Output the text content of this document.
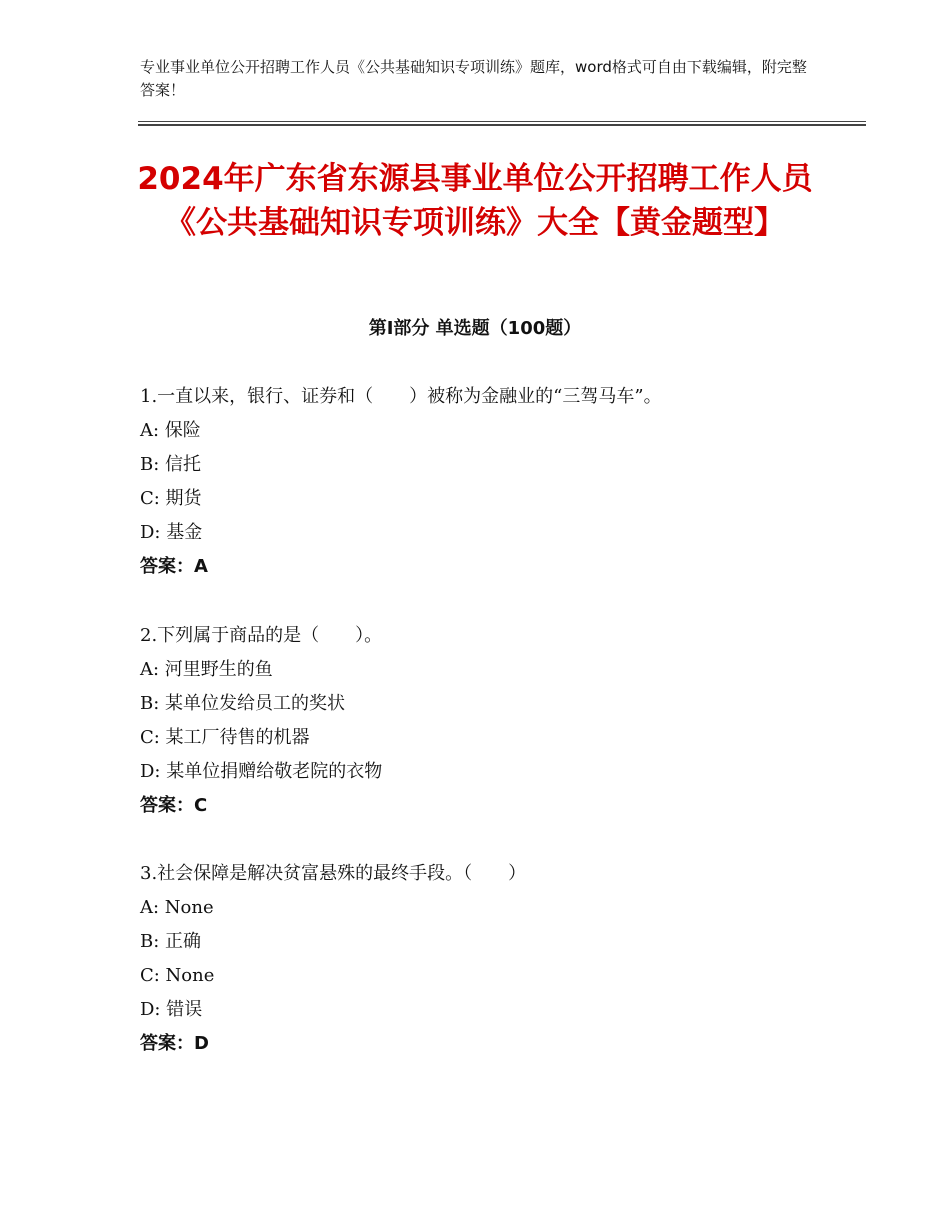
专业事业单位公开招聘工作人员《公共基础知识专项训练》题库，word格式可自由下载编辑，附完整答案！
2024年广东省东源县事业单位公开招聘工作人员《公共基础知识专项训练》大全【黄金题型】
第Ⅰ部分 单选题（100题）
1.一直以来，银行、证券和（　　）被称为金融业的“三驾马车”。
A: 保险
B: 信托
C: 期货
D: 基金
答案：A
2.下列属于商品的是（　　）。
A: 河里野生的鱼
B: 某单位发给员工的奖状
C: 某工厂待售的机器
D: 某单位捐赠给敬老院的衣物
答案：C
3.社会保障是解决贫富悬殊的最终手段。（　　）
A: None
B: 正确
C: None
D: 错误
答案：D
